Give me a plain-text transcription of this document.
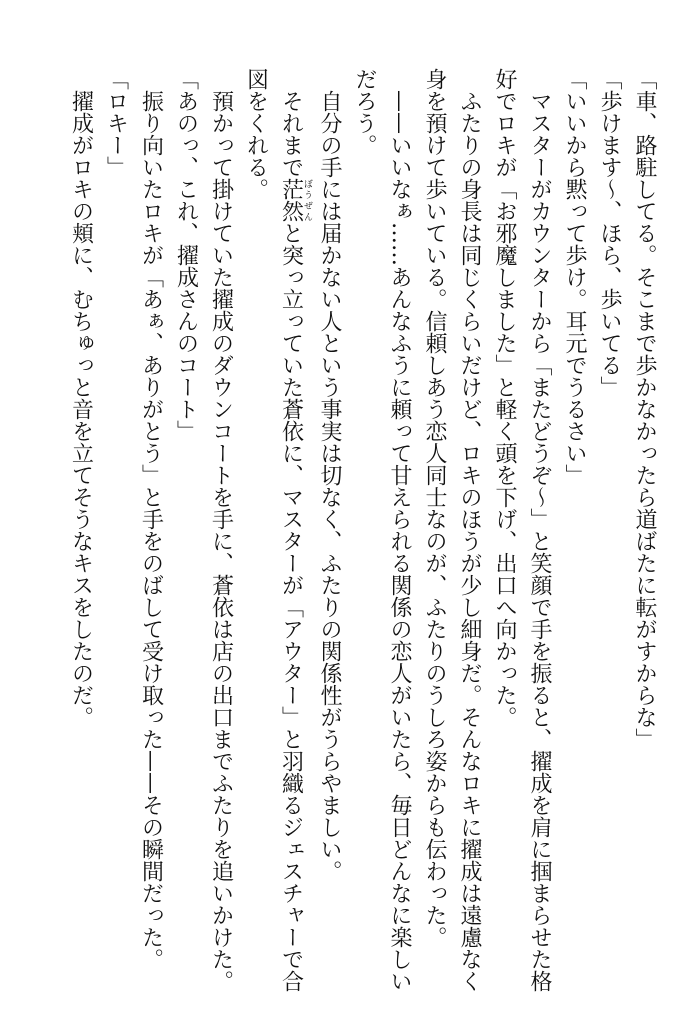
「車、路駐してる。そこまで歩かなかったら道ばたに転がすからな」
「歩けます〜、ほら、歩いてる」
「いいから黙って歩け。耳元でうるさい」
　マスターがカウンターから「またどうぞ〜」と笑顔で手を振ると、擢成を肩に掴まらせた格
好でロキが「お邪魔しました」と軽く頭を下げ、出口へ向かった。
　ふたりの身長は同じくらいだけど、ロキのほうが少し細身だ。そんなロキに擢成は遠慮なく
身を預けて歩いている。信頼しあう恋人同士なのが、ふたりのうしろ姿からも伝わった。
　——いいなぁ……あんなふうに頼って甘えられる関係の恋人がいたら、毎日どんなに楽しい
だろう。
　自分の手には届かない人という事実は切なく、ふたりの関係性がうらやましい。
　それまで茫然ぼうぜんと突っ立っていた蒼依に、マスターが「アウター」と羽織るジェスチャーで合
図をくれる。
　預かって掛けていた擢成のダウンコートを手に、蒼依は店の出口までふたりを追いかけた。
「あのっ、これ、擢成さんのコート」
　振り向いたロキが「あぁ、ありがとう」と手をのばして受け取った——その瞬間だった。
「ロキー」
　擢成がロキの頬に、むちゅっと音を立てそうなキスをしたのだ。
